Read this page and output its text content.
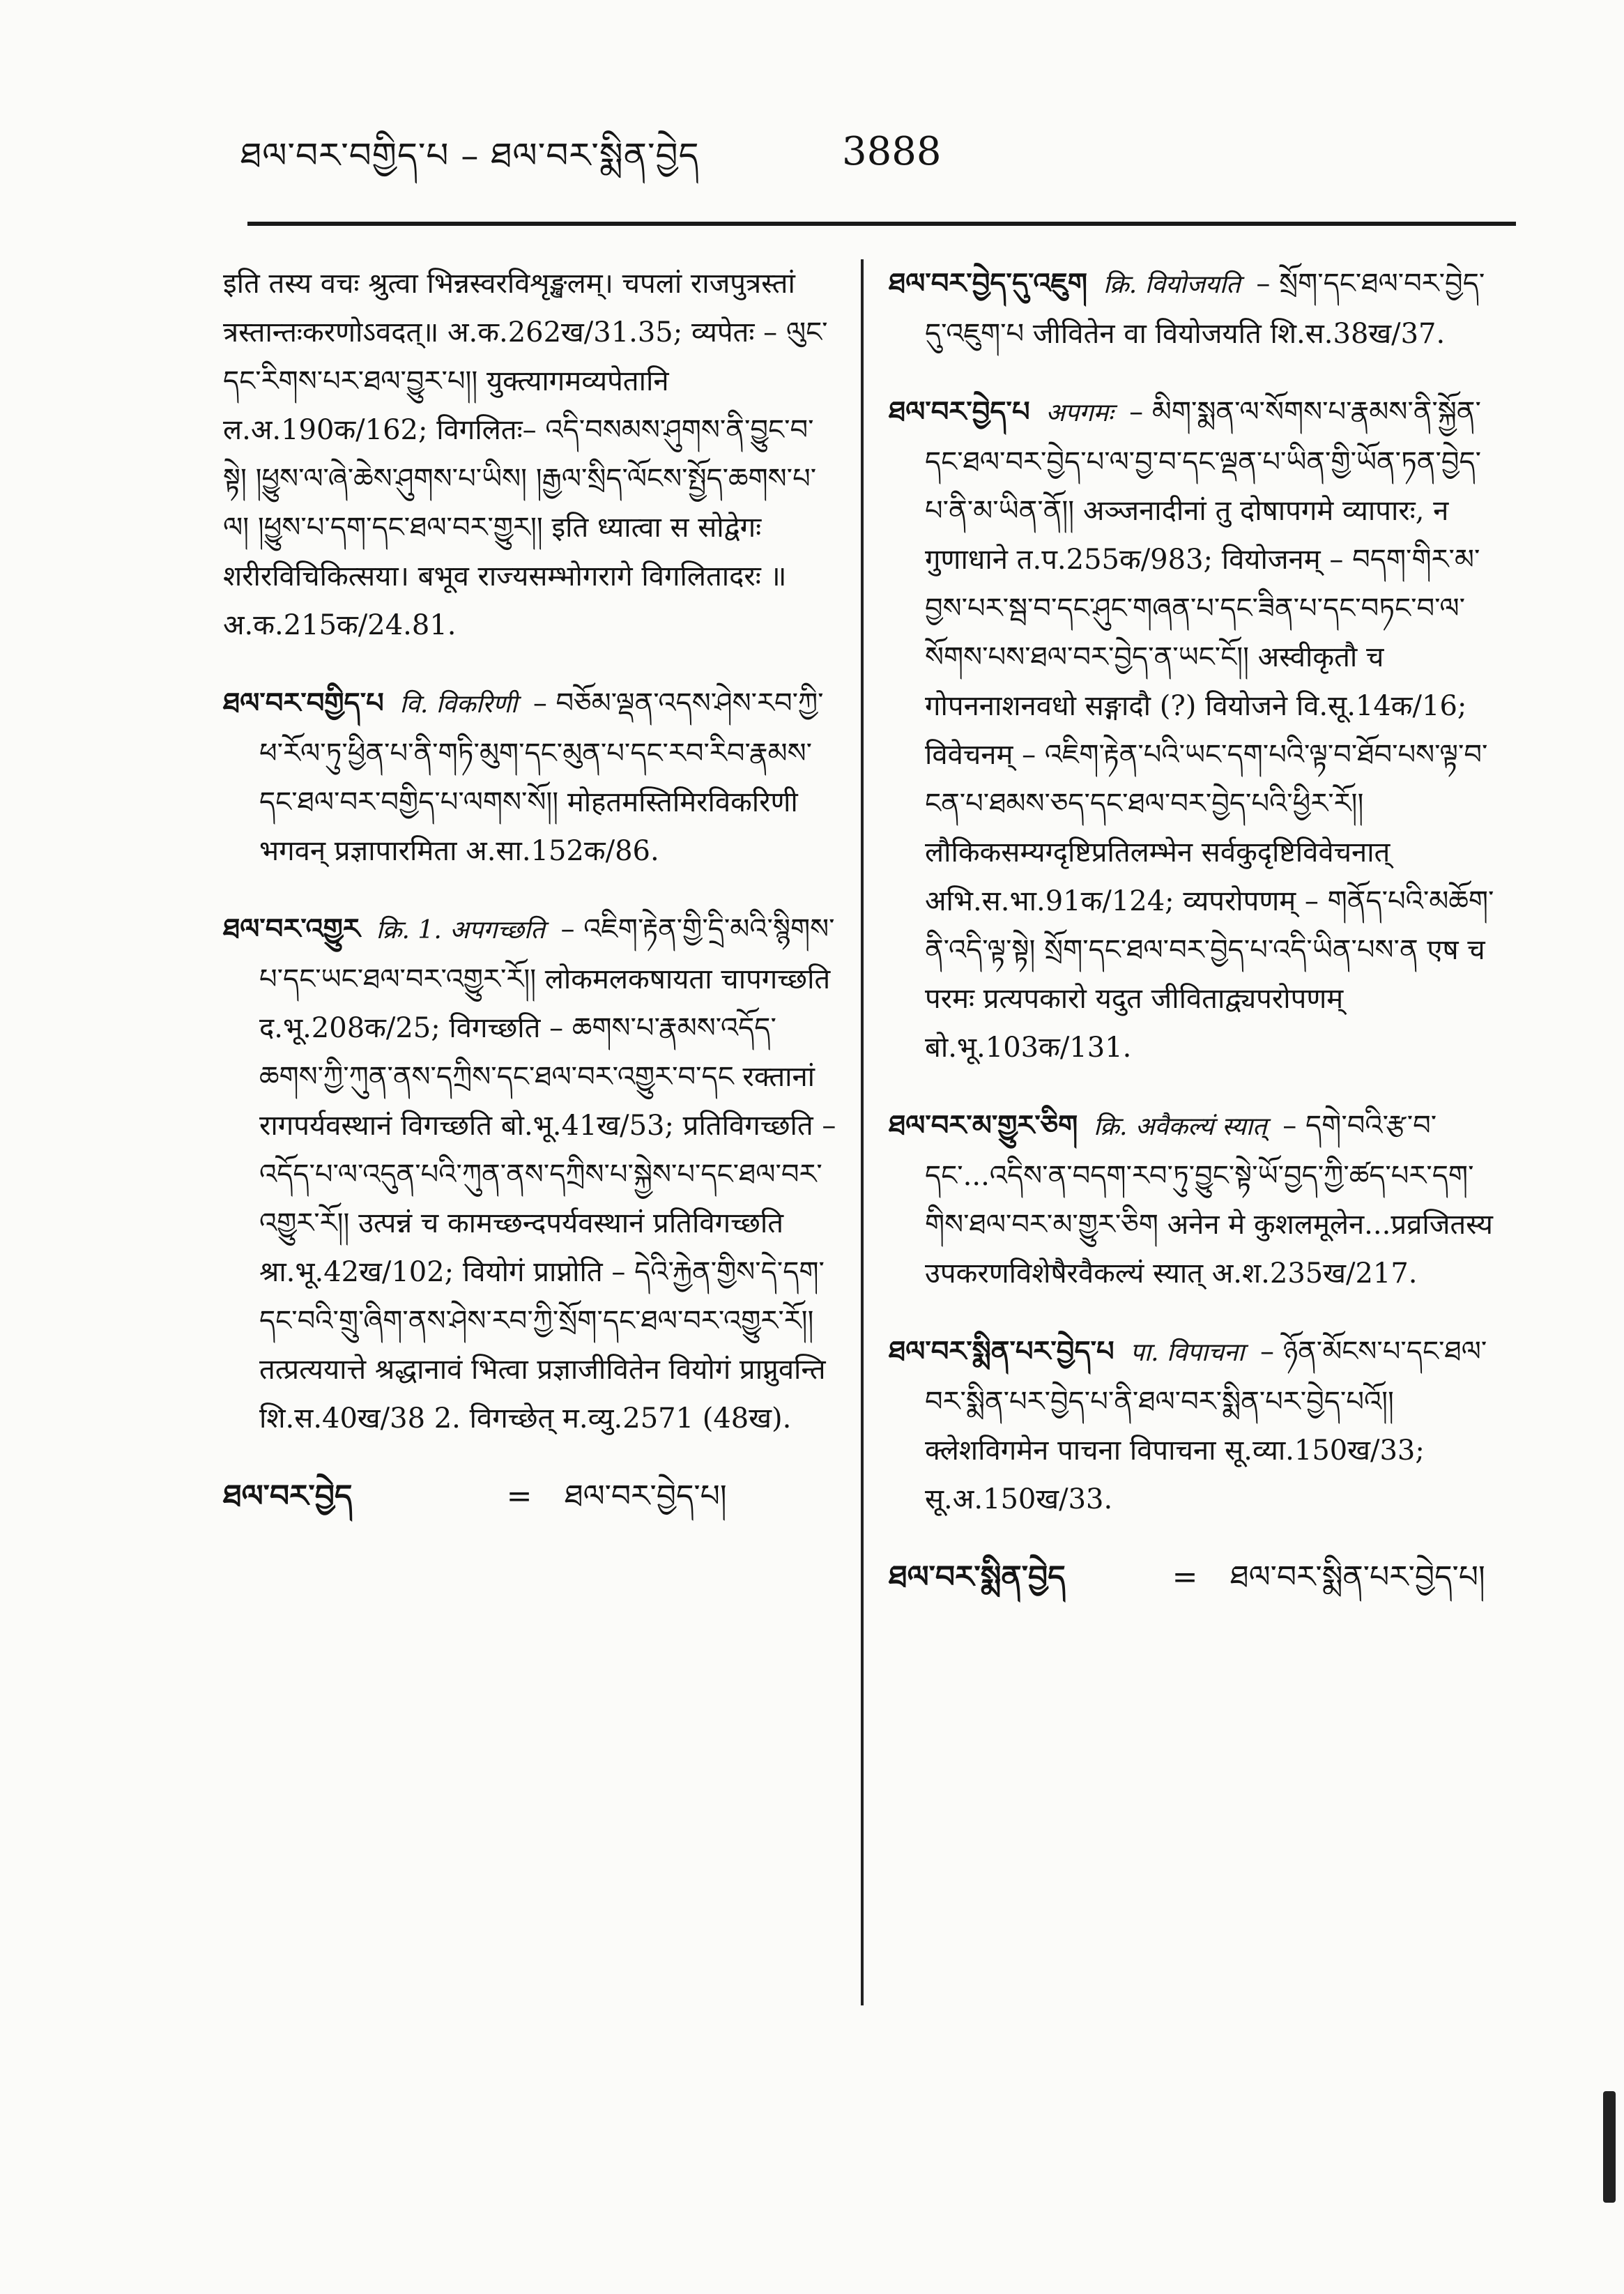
ཐལ་བར་བགྱིད་པ – ཐལ་བར་སྨིན་བྱེད	3888

इति तस्य वचः श्रुत्वा भिन्नस्वरविशृङ्खलम्। चपलां राजपुत्रस्तां त्रस्तान्तःकरणोऽवदत्॥ अ.क.262ख/31.35; व्यपेतः – ལུང་དང་རིགས་པར་ཐལ་བྱུར་པ།། युक्त्यागमव्यपेतानि ल.अ.190क/162; विगलितः– འདི་བསམས་ཤུགས་ནི་བྱུང་བ་སྟེ། །ཕྱུས་ལ་ཞེ་ཆེས་ཤུགས་པ་ཡིས། །རྒྱལ་སྲིད་ལོངས་སྤྱོད་ཆགས་པ་ལ། །ཕྱུས་པ་དག་དང་ཐལ་བར་གྱུར།། इति ध्यात्वा स सोद्वेगः शरीरविचिकित्सया। बभूव राज्यसम्भोगरागे विगलितादरः ॥ अ.क.215क/24.81.

ཐལ་བར་བགྱིད་པ वि. विकरिणी – བཅོམ་ལྡན་འདས་ཤེས་རབ་ཀྱི་ཕ་རོལ་ཏུ་ཕྱིན་པ་ནི་གཏི་མུག་དང་མུན་པ་དང་རབ་རིབ་རྣམས་དང་ཐལ་བར་བགྱིད་པ་ལགས་སོ།། मोहतमस्तिमिरविकरिणी भगवन् प्रज्ञापारमिता अ.सा.152क/86.

ཐལ་བར་འགྱུར क्रि. 1. अपगच्छति – འཇིག་རྟེན་གྱི་དྲི་མའི་སྙིགས་པ་དང་ཡང་ཐལ་བར་འགྱུར་རོ།། लोकमलकषायता चापगच्छति द.भू.208क/25; विगच्छति – ཆགས་པ་རྣམས་འདོད་ཆགས་ཀྱི་ཀུན་ནས་དཀྲིས་དང་ཐལ་བར་འགྱུར་བ་དང रक्तानां रागपर्यवस्थानं विगच्छति बो.भू.41ख/53; प्रतिविगच्छति – འདོད་པ་ལ་འདུན་པའི་ཀུན་ནས་དཀྲིས་པ་སྐྱེས་པ་དང་ཐལ་བར་འགྱུར་རོ།། उत्पन्नं च कामच्छन्दपर्यवस्थानं प्रतिविगच्छति श्रा.भू.42ख/102; वियोगं प्राप्नोति – དེའི་རྐྱེན་གྱིས་དེ་དག་དང་བའི་གྲུ་ཞིག་ནས་ཤེས་རབ་ཀྱི་སྲོག་དང་ཐལ་བར་འགྱུར་རོ།། तत्प्रत्ययात्ते श्रद्धानावं भित्वा प्रज्ञाजीवितेन वियोगं प्राप्नुवन्ति शि.स.40ख/38 2. विगच्छेत् म.व्यु.2571 (48ख).

ཐལ་བར་བྱེད	= ཐལ་བར་བྱེད་པ།

ཐལ་བར་བྱེད་དུ་འཇུག क्रि. वियोजयति – སྲོག་དང་ཐལ་བར་བྱེད་དུ་འཇུག་པ जीवितेन वा वियोजयति शि.स.38ख/37.

ཐལ་བར་བྱེད་པ अपगमः – མིག་སྨན་ལ་སོགས་པ་རྣམས་ནི་སྐྱོན་དང་ཐལ་བར་བྱེད་པ་ལ་བྱ་བ་དང་ལྡན་པ་ཡིན་གྱི་ཡོན་ཏན་བྱེད་པ་ནི་མ་ཡིན་ནོ།། अञ्जनादीनां तु दोषापगमे व्यापारः, न गुणाधाने त.प.255क/983; वियोजनम् – བདག་གིར་མ་བྱས་པར་སྦ་བ་དང་ཤུང་གཞན་པ་དང་ཟིན་པ་དང་བཏང་བ་ལ་སོགས་པས་ཐལ་བར་བྱེད་ན་ཡང་ངོ།། अस्वीकृतौ च गोपननाशनवधो सङ्गादौ (?) वियोजने वि.सू.14क/16; विवेचनम् – འཇིག་རྟེན་པའི་ཡང་དག་པའི་ལྟ་བ་ཐོབ་པས་ལྟ་བ་ངན་པ་ཐམས་ཅད་དང་ཐལ་བར་བྱེད་པའི་ཕྱིར་རོ།། लौकिकसम्यग्दृष्टिप्रतिलम्भेन सर्वकुदृष्टिविवेचनात् अभि.स.भा.91क/124; व्यपरोपणम् – གནོད་པའི་མཆོག་ནི་འདི་ལྟ་སྟེ། སྲོག་དང་ཐལ་བར་བྱེད་པ་འདི་ཡིན་པས་ན एष च परमः प्रत्यपकारो यदुत जीविताद्व्यपरोपणम् बो.भू.103क/131.

ཐལ་བར་མ་གྱུར་ཅིག क्रि. अवैकल्यं स्यात् – དགེ་བའི་རྩ་བ་དང་...འདིས་ན་བདག་རབ་ཏུ་བྱུང་སྟེ་ཡོ་བྱད་ཀྱི་ཚད་པར་དག་གིས་ཐལ་བར་མ་གྱུར་ཅིག अनेन मे कुशलमूलेन...प्रव्रजितस्य उपकरणविशेषैरवैकल्यं स्यात् अ.श.235ख/217.

ཐལ་བར་སྨིན་པར་བྱེད་པ पा. विपाचना – ཉོན་མོངས་པ་དང་ཐལ་བར་སྨིན་པར་བྱེད་པ་ནི་ཐལ་བར་སྨིན་པར་བྱེད་པའོ།། क्लेशविगमेन पाचना विपाचना सू.व्या.150ख/33; सू.अ.150ख/33.

ཐལ་བར་སྨིན་བྱེད	= ཐལ་བར་སྨིན་པར་བྱེད་པ།
